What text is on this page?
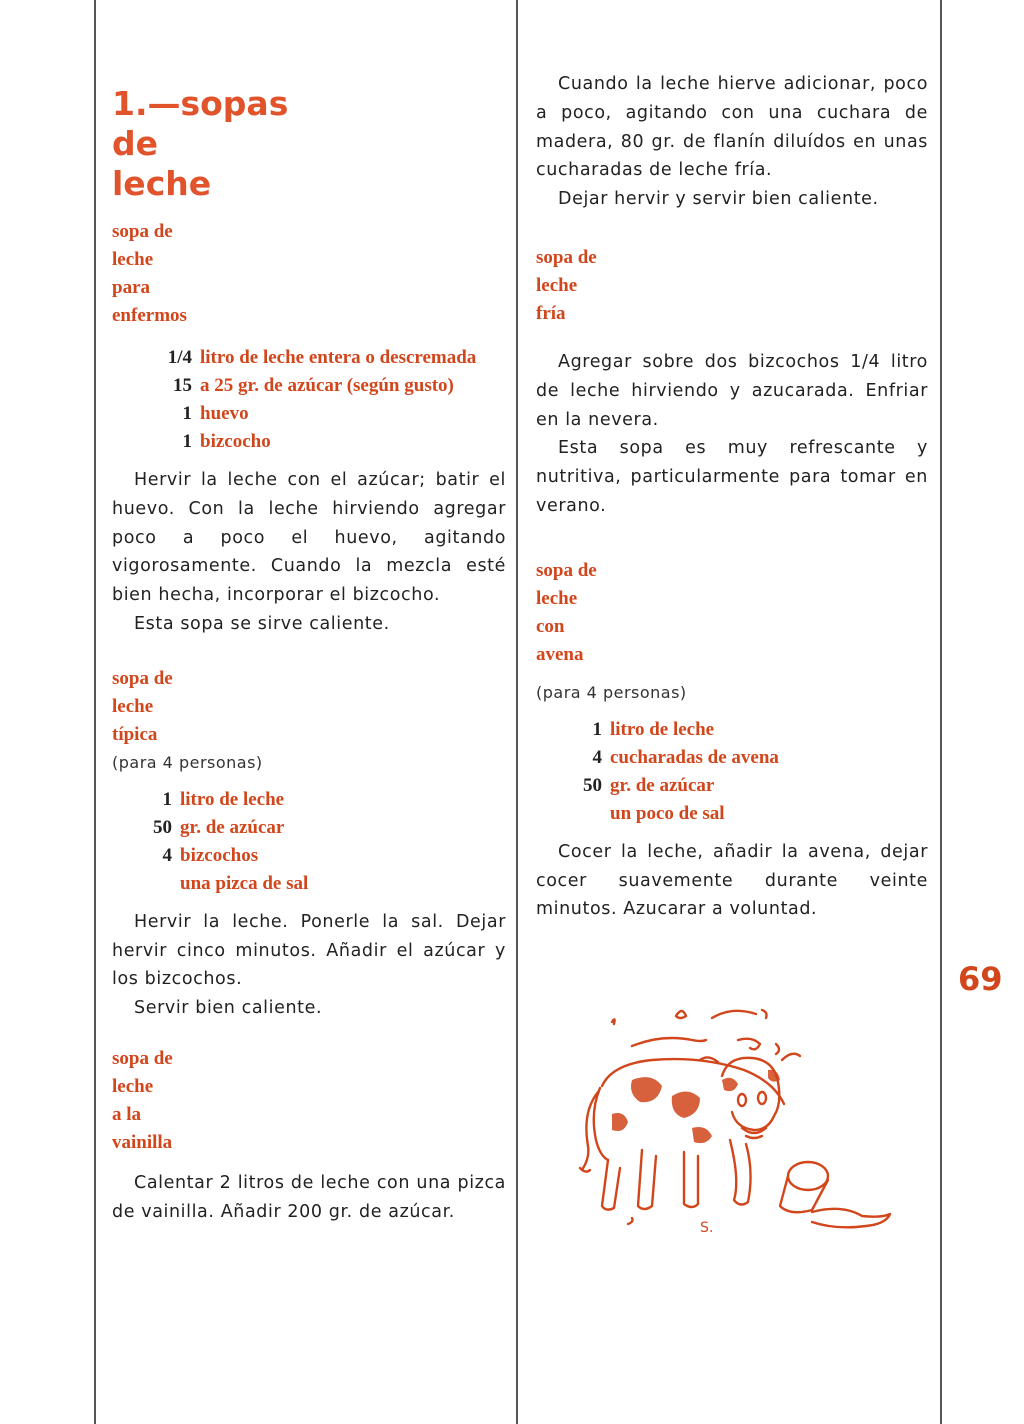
1.—sopas
de
leche
sopa de
leche
para
enfermos
1/4 litro de leche entera o descremada
15 a 25 gr. de azúcar (según gusto)
1 huevo
1 bizcocho

Hervir la leche con el azúcar; batir el huevo. Con la leche hirviendo agregar poco a poco el huevo, agitando vigorosamente. Cuando la mezcla esté bien hecha, incorporar el bizcocho.

Esta sopa se sirve caliente.

sopa de
leche
típica
(para 4 personas)
1 litro de leche
50 gr. de azúcar
4 bizcochos
una pizca de sal

Hervir la leche. Ponerle la sal. Dejar hervir cinco minutos. Añadir el azúcar y los bizcochos.

Servir bien caliente.

sopa de
leche
a la
vainilla

Calentar 2 litros de leche con una pizca de vainilla. Añadir 200 gr. de azúcar.

Cuando la leche hierve adicionar, poco a poco, agitando con una cuchara de madera, 80 gr. de flanín diluídos en unas cucharadas de leche fría.

Dejar hervir y servir bien caliente.

sopa de
leche
fría

Agregar sobre dos bizcochos 1/4 litro de leche hirviendo y azucarada. Enfriar en la nevera.

Esta sopa es muy refrescante y nutritiva, particularmente para tomar en verano.

sopa de
leche
con
avena
(para 4 personas)
1 litro de leche
4 cucharadas de avena
50 gr. de azúcar
un poco de sal

Cocer la leche, añadir la avena, dejar cocer suavemente durante veinte minutos. Azucarar a voluntad.

69
S.
